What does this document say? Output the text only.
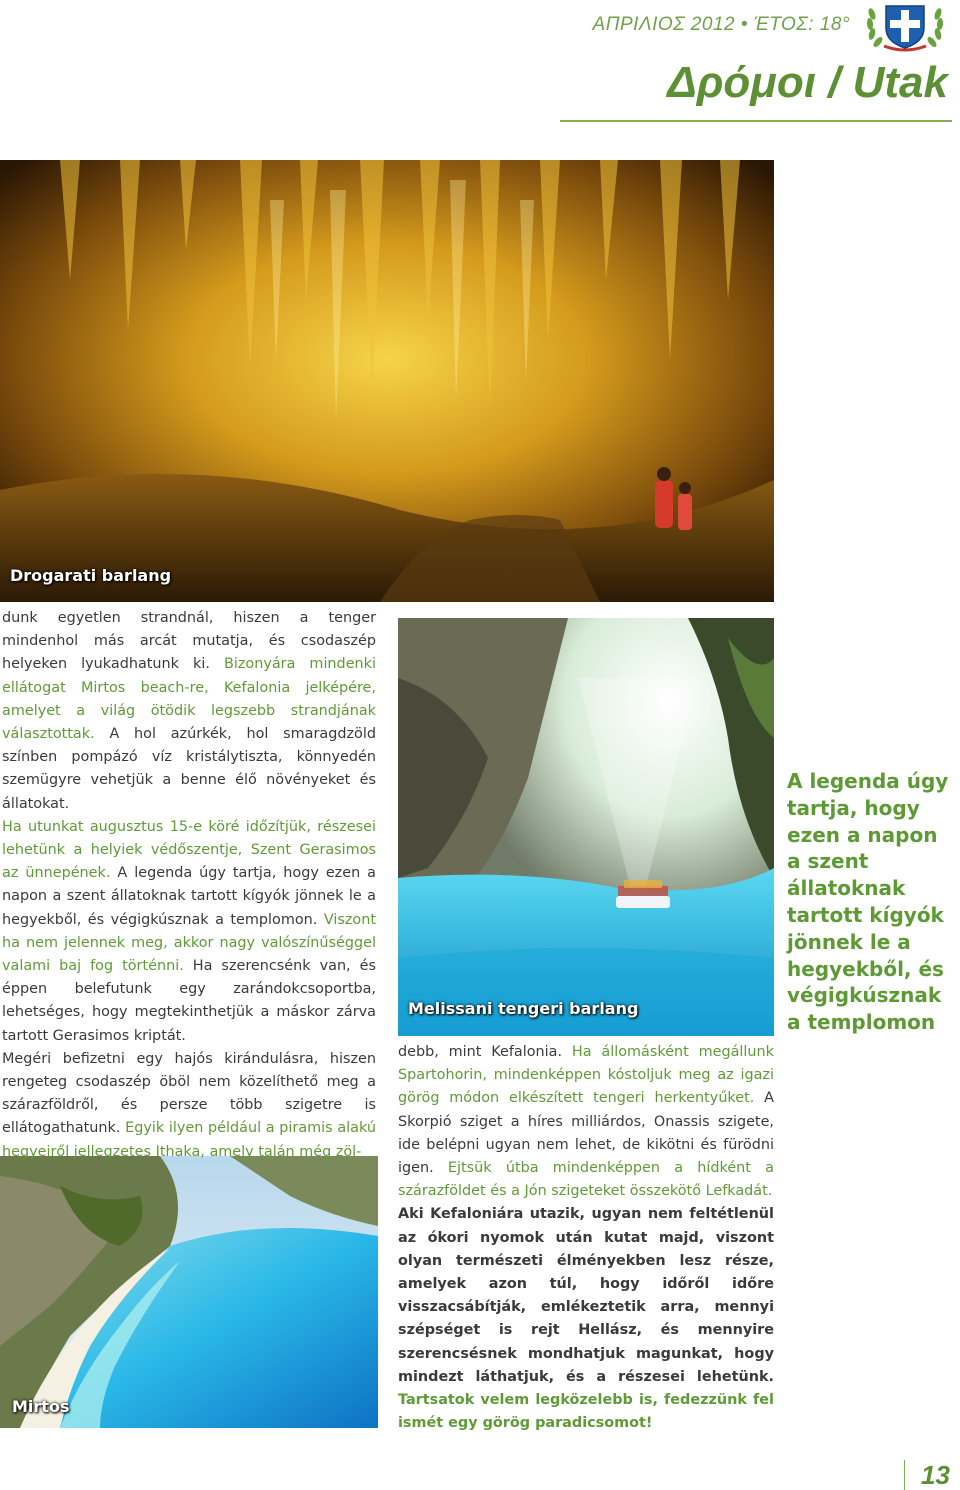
ΑΠΡΙΛΙΟΣ 2012 • ΈΤΟΣ: 18°
Δρόμοι / Utak
Drogarati barlang
Melissani tengeri barlang
Mirtos

dunk egyetlen strandnál, hiszen a tenger mindenhol más arcát mutatja, és csodaszép helyeken lyukadhatunk ki. Bizonyára mindenki ellátogat Mirtos beach-re, Kefalonia jelképére, amelyet a világ ötödik legszebb strandjának választottak. A hol azúrkék, hol smaragdzöld színben pompázó víz kristálytiszta, könnyedén szemügyre vehetjük a benne élő növényeket és állatokat.

Ha utunkat augusztus 15-e köré időzítjük, részesei lehetünk a helyiek védőszentje, Szent Gerasimos az ünnepének. A legenda úgy tartja, hogy ezen a napon a szent állatoknak tartott kígyók jönnek le a hegyekből, és végigkúsznak a templomon. Viszont ha nem jelennek meg, akkor nagy valószínűséggel valami baj fog történni. Ha szerencsénk van, és éppen belefutunk egy zarándokcsoportba, lehetséges, hogy megtekinthetjük a máskor zárva tartott Gerasimos kriptát.

Megéri befizetni egy hajós kirándulásra, hiszen rengeteg csodaszép öböl nem közelíthető meg a szárazföldről, és persze több szigetre is ellátogathatunk. Egyik ilyen például a piramis alakú hegyeiről jellegzetes Ithaka, amely talán még zöl-

debb, mint Kefalonia. Ha állomásként megállunk Spartohorin, mindenképpen kóstoljuk meg az igazi görög módon elkészített tengeri herkentyűket. A Skorpió sziget a híres milliárdos, Onassis szigete, ide belépni ugyan nem lehet, de kikötni és fürödni igen. Ejtsük útba mindenképpen a hídként a szárazföldet és a Jón szigeteket összekötő Lefkadát.

Aki Kefaloniára utazik, ugyan nem feltétlenül az ókori nyomok után kutat majd, viszont olyan természeti élményekben lesz része, amelyek azon túl, hogy időről időre visszacsábítják, emlékeztetik arra, mennyi szépséget is rejt Hellász, és mennyire szerencsésnek mondhatjuk magunkat, hogy mindezt láthatjuk, és a részesei lehetünk. Tartsatok velem legközelebb is, fedezzünk fel ismét egy görög paradicsomot!

A legenda úgy tartja, hogy ezen a napon a szent állatoknak tartott kígyók jönnek le a hegyekből, és végigkúsznak a templomon
13
